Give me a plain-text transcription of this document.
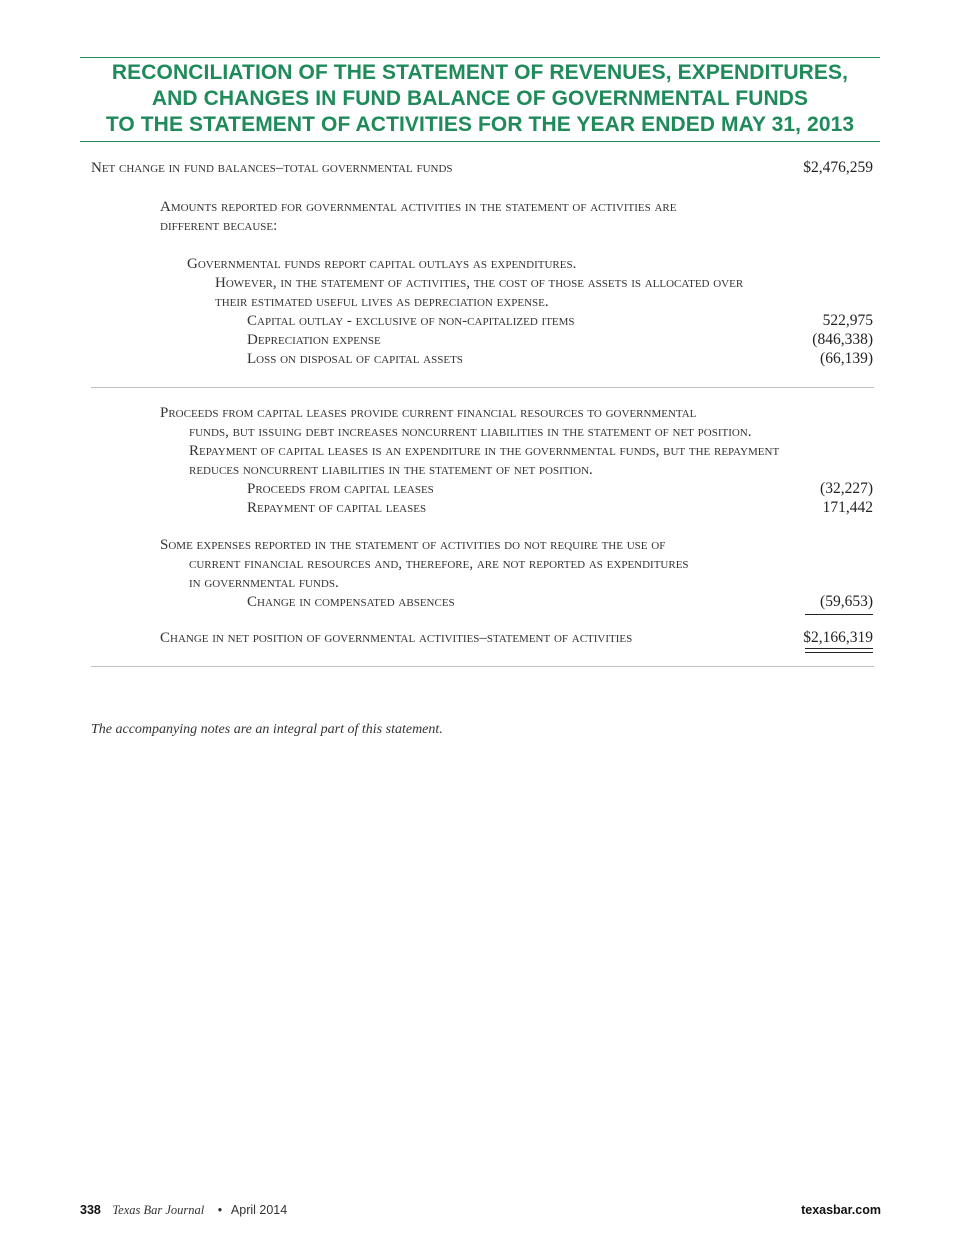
RECONCILIATION OF THE STATEMENT OF REVENUES, EXPENDITURES,
AND CHANGES IN FUND BALANCE OF GOVERNMENTAL FUNDS
TO THE STATEMENT OF ACTIVITIES FOR THE YEAR ENDED MAY 31, 2013
Net change in fund balances–total governmental funds	$2,476,259
Amounts reported for governmental activities in the statement of activities are
different because:
Governmental funds report capital outlays as expenditures.
However, in the statement of activities, the cost of those assets is allocated over
their estimated useful lives as depreciation expense.
Capital outlay - exclusive of non-capitalized items	522,975
Depreciation expense	(846,338)
Loss on disposal of capital assets	(66,139)
Proceeds from capital leases provide current financial resources to governmental
funds, but issuing debt increases noncurrent liabilities in the statement of net position.
Repayment of capital leases is an expenditure in the governmental funds, but the repayment
reduces noncurrent liabilities in the statement of net position.
Proceeds from capital leases	(32,227)
Repayment of capital leases	171,442
Some expenses reported in the statement of activities do not require the use of
current financial resources and, therefore, are not reported as expenditures
in governmental funds.
Change in compensated absences	(59,653)
Change in net position of governmental activities–statement of activities	$2,166,319
The accompanying notes are an integral part of this statement.
338 Texas Bar Journal • April 2014	texasbar.com
